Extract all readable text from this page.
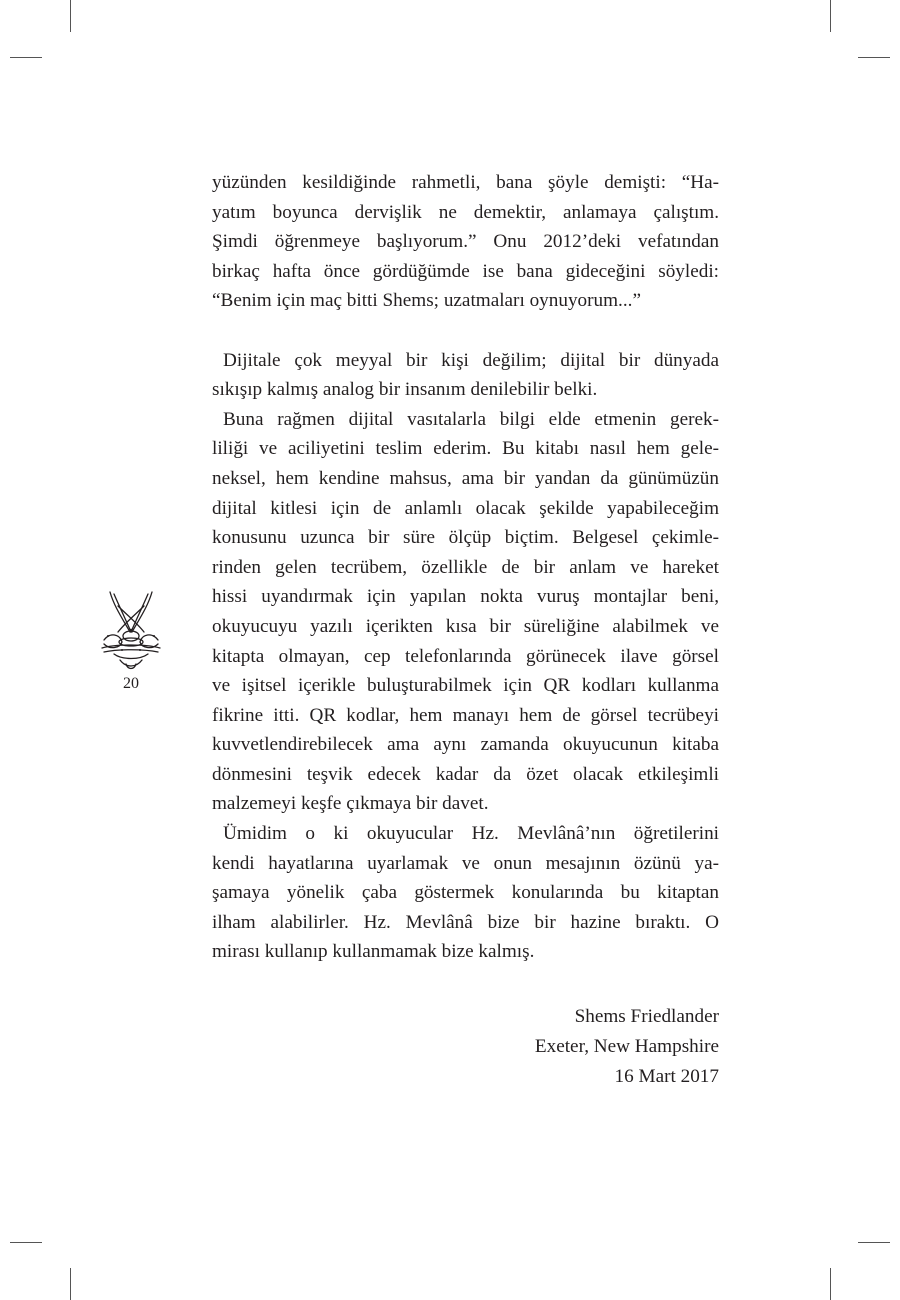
yüzünden kesildiğinde rahmetli, bana şöyle demişti: “Ha-
yatım boyunca dervişlik ne demektir, anlamaya çalıştım.
Şimdi öğrenmeye başlıyorum.” Onu 2012’deki vefatından
birkaç hafta önce gördüğümde ise bana gideceğini söyledi:
“Benim için maç bitti Shems; uzatmaları oynuyorum...”

Dijitale çok meyyal bir kişi değilim; dijital bir dünyada
sıkışıp kalmış analog bir insanım denilebilir belki.

Buna rağmen dijital vasıtalarla bilgi elde etmenin gerek-
liliği ve aciliyetini teslim ederim. Bu kitabı nasıl hem gele-
neksel, hem kendine mahsus, ama bir yandan da günümüzün
dijital kitlesi için de anlamlı olacak şekilde yapabileceğim
konusunu uzunca bir süre ölçüp biçtim. Belgesel çekimle-
rinden gelen tecrübem, özellikle de bir anlam ve hareket
hissi uyandırmak için yapılan nokta vuruş montajlar beni,
okuyucuyu yazılı içerikten kısa bir süreliğine alabilmek ve
kitapta olmayan, cep telefonlarında görünecek ilave görsel
ve işitsel içerikle buluşturabilmek için QR kodları kullanma
fikrine itti. QR kodlar, hem manayı hem de görsel tecrübeyi
kuvvetlendirebilecek ama aynı zamanda okuyucunun kitaba
dönmesini teşvik edecek kadar da özet olacak etkileşimli
malzemeyi keşfe çıkmaya bir davet.

Ümidim o ki okuyucular Hz. Mevlânâ’nın öğretilerini
kendi hayatlarına uyarlamak ve onun mesajının özünü ya-
şamaya yönelik çaba göstermek konularında bu kitaptan
ilham alabilirler. Hz. Mevlânâ bize bir hazine bıraktı. O
mirası kullanıp kullanmamak bize kalmış.

20
Shems Friedlander
Exeter, New Hampshire
16 Mart 2017
